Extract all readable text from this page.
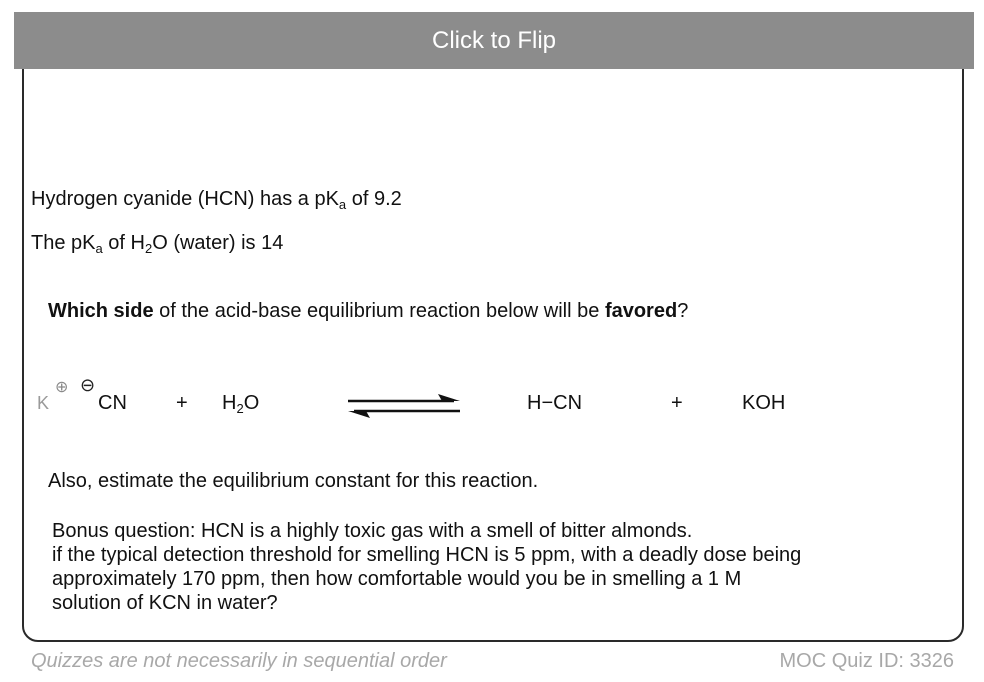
Click to Flip
Hydrogen cyanide (HCN) has a $pK_a$ of 9.2
The $pK_a$ of $H_2O$ (water) is 14
Which side of the acid-base equilibrium reaction below will be favored?
K
⊕ ⊖
CN + $H_2O$	H−CN	+	KOH
Also, estimate the equilibrium constant for this reaction.
Bonus question: HCN is a highly toxic gas with a smell of bitter almonds.
if the typical detection threshold for smelling HCN is 5 ppm, with a deadly dose being
approximately 170 ppm, then how comfortable would you be in smelling a 1 M
solution of KCN in water?
Quizzes are not necessarily in sequential order	MOC Quiz ID: 3326
